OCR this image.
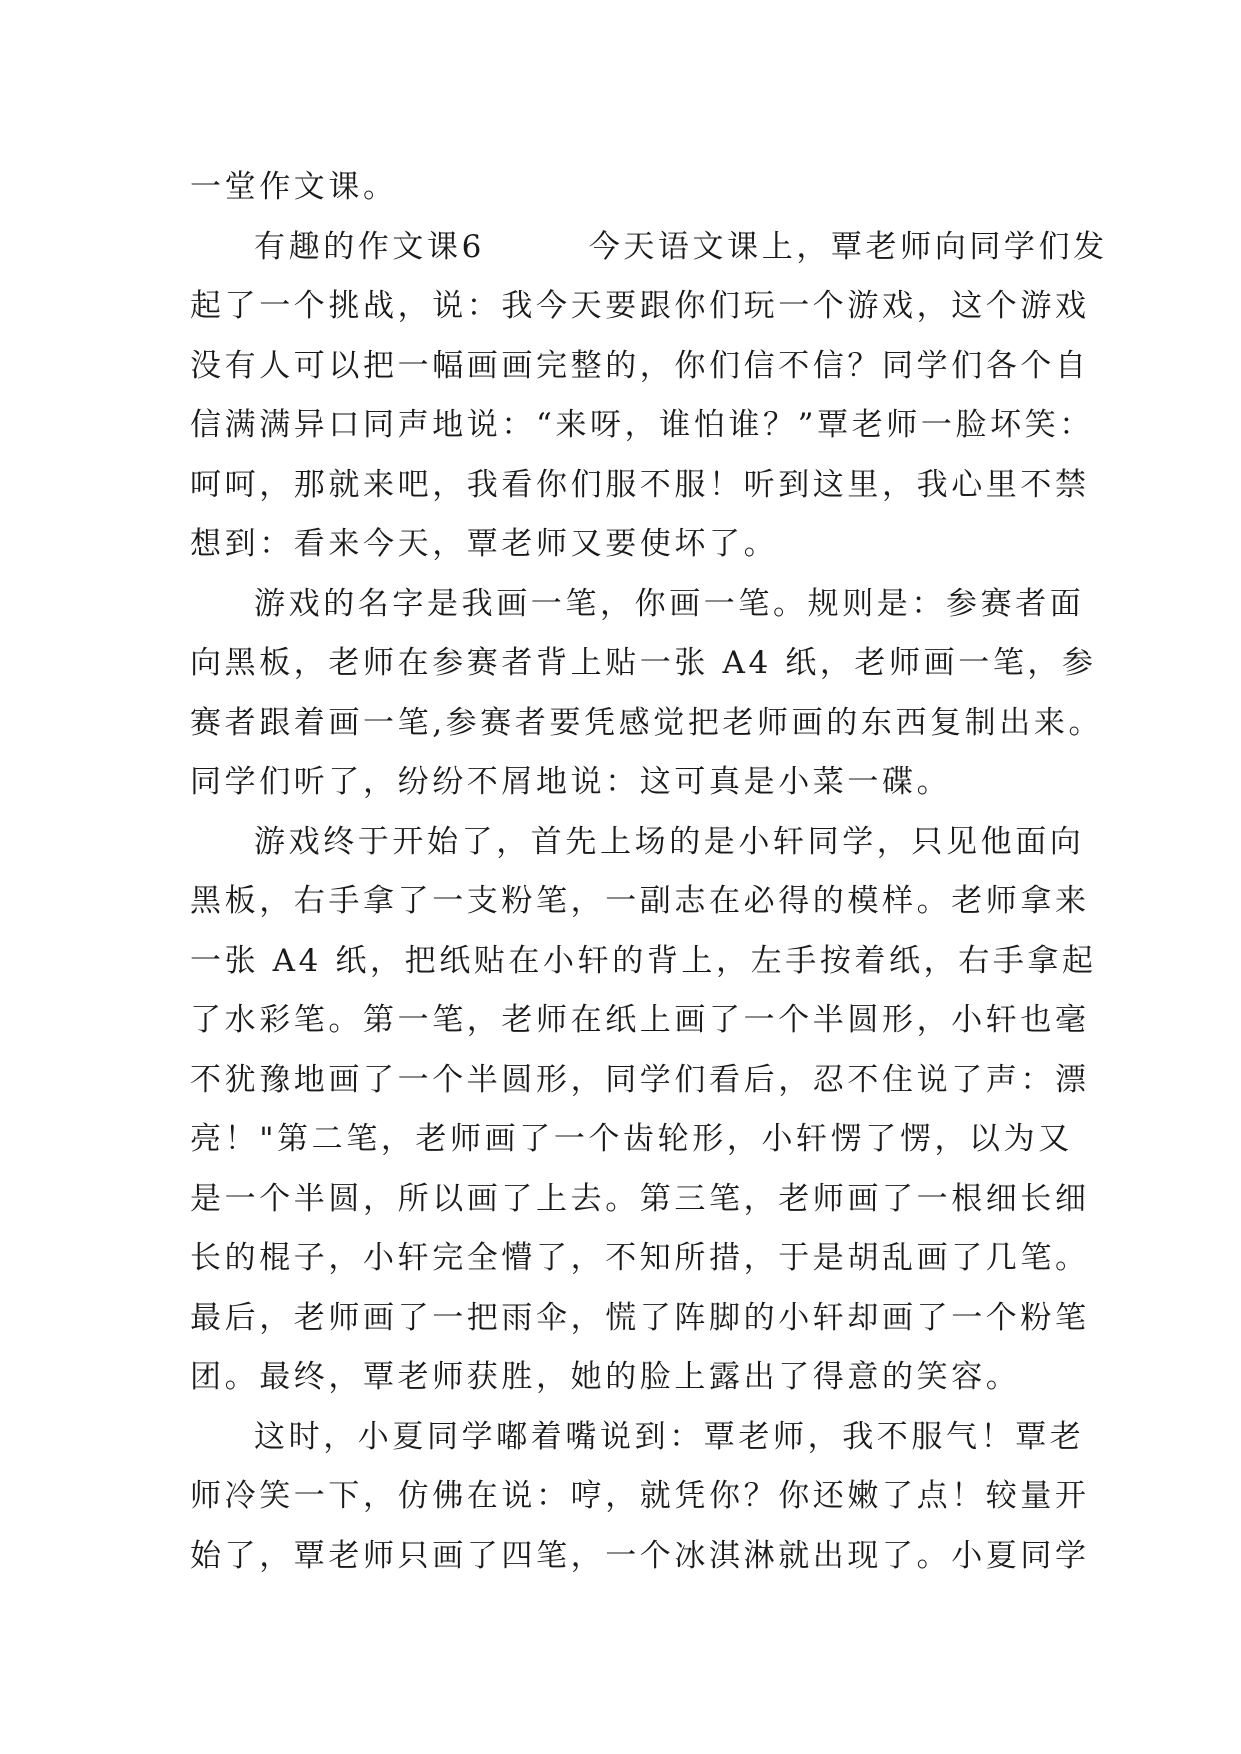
一堂作文课。
有趣的作文课6　　　今天语文课上，覃老师向同学们发
起了一个挑战，说：我今天要跟你们玩一个游戏，这个游戏
没有人可以把一幅画画完整的，你们信不信？同学们各个自
信满满异口同声地说：“来呀，谁怕谁？”覃老师一脸坏笑：
呵呵，那就来吧，我看你们服不服！听到这里，我心里不禁
想到：看来今天，覃老师又要使坏了。
游戏的名字是我画一笔，你画一笔。规则是：参赛者面
向黑板，老师在参赛者背上贴一张 A4 纸，老师画一笔，参
赛者跟着画一笔,参赛者要凭感觉把老师画的东西复制出来。
同学们听了，纷纷不屑地说：这可真是小菜一碟。
游戏终于开始了，首先上场的是小轩同学，只见他面向
黑板，右手拿了一支粉笔，一副志在必得的模样。老师拿来
一张 A4 纸，把纸贴在小轩的背上，左手按着纸，右手拿起
了水彩笔。第一笔，老师在纸上画了一个半圆形，小轩也毫
不犹豫地画了一个半圆形，同学们看后，忍不住说了声：漂
亮！"第二笔，老师画了一个齿轮形，小轩愣了愣，以为又
是一个半圆，所以画了上去。第三笔，老师画了一根细长细
长的棍子，小轩完全懵了，不知所措，于是胡乱画了几笔。
最后，老师画了一把雨伞，慌了阵脚的小轩却画了一个粉笔
团。最终，覃老师获胜，她的脸上露出了得意的笑容。
这时，小夏同学嘟着嘴说到：覃老师，我不服气！覃老
师冷笑一下，仿佛在说：哼，就凭你？你还嫩了点！较量开
始了，覃老师只画了四笔，一个冰淇淋就出现了。小夏同学
